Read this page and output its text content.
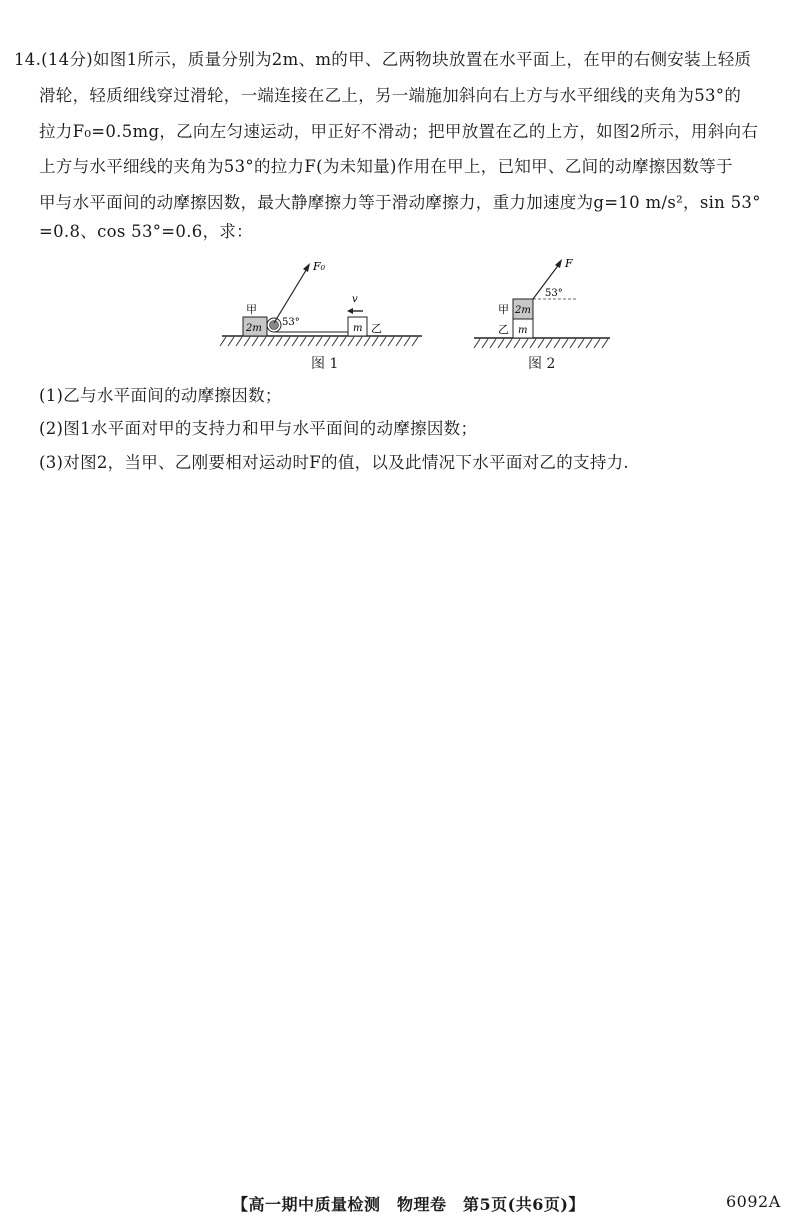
14.(14分)如图1所示，质量分别为2m、m的甲、乙两物块放置在水平面上，在甲的右侧安装上轻质
滑轮，轻质细线穿过滑轮，一端连接在乙上，另一端施加斜向右上方与水平细线的夹角为53°的
拉力F₀=0.5mg，乙向左匀速运动，甲正好不滑动；把甲放置在乙的上方，如图2所示，用斜向右
上方与水平细线的夹角为53°的拉力F(为未知量)作用在甲上，已知甲、乙间的动摩擦因数等于
甲与水平面间的动摩擦因数，最大静摩擦力等于滑动摩擦力，重力加速度为g=10 m/s²，sin 53°
=0.8、cos 53°=0.6，求：
2m
甲
m 乙
v
F₀
53°
图 1
m
乙
2m
甲
F
53°
图 2
(1)乙与水平面间的动摩擦因数；
(2)图1水平面对甲的支持力和甲与水平面间的动摩擦因数；
(3)对图2，当甲、乙刚要相对运动时F的值，以及此情况下水平面对乙的支持力.
【高一期中质量检测　物理卷　第5页(共6页)】	6092A
